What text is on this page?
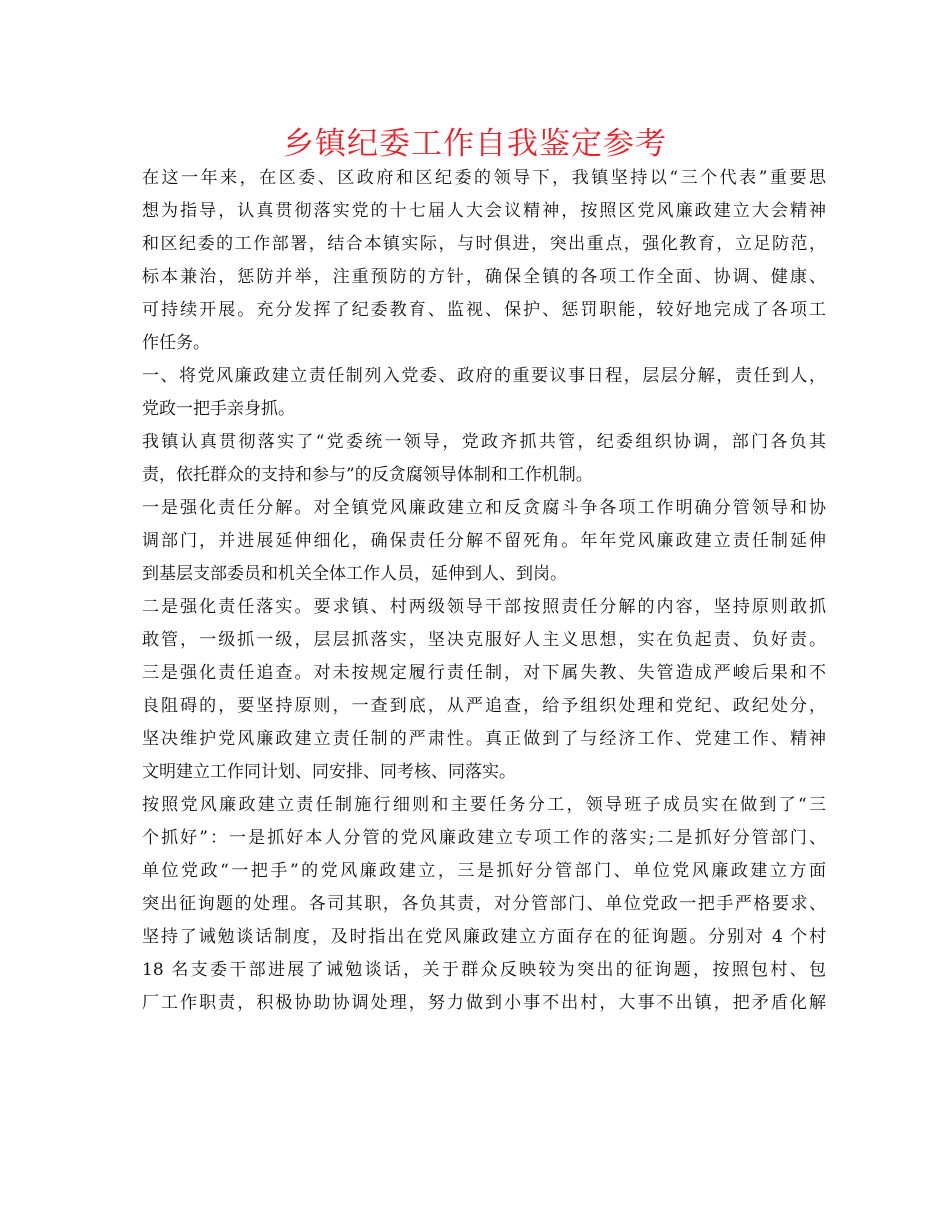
乡镇纪委工作自我鉴定参考
在这一年来，在区委、区政府和区纪委的领导下，我镇坚持以“三个代表”重要思
想为指导，认真贯彻落实党的十七届人大会议精神，按照区党风廉政建立大会精神
和区纪委的工作部署，结合本镇实际，与时俱进，突出重点，强化教育，立足防范，
标本兼治，惩防并举，注重预防的方针，确保全镇的各项工作全面、协调、健康、
可持续开展。充分发挥了纪委教育、监视、保护、惩罚职能，较好地完成了各项工
作任务。
一、将党风廉政建立责任制列入党委、政府的重要议事日程，层层分解，责任到人，
党政一把手亲身抓。
我镇认真贯彻落实了“党委统一领导，党政齐抓共管，纪委组织协调，部门各负其
责，依托群众的支持和参与”的反贪腐领导体制和工作机制。
一是强化责任分解。对全镇党风廉政建立和反贪腐斗争各项工作明确分管领导和协
调部门，并进展延伸细化，确保责任分解不留死角。年年党风廉政建立责任制延伸
到基层支部委员和机关全体工作人员，延伸到人、到岗。
二是强化责任落实。要求镇、村两级领导干部按照责任分解的内容，坚持原则敢抓
敢管，一级抓一级，层层抓落实，坚决克服好人主义思想，实在负起责、负好责。
三是强化责任追查。对未按规定履行责任制，对下属失教、失管造成严峻后果和不
良阻碍的，要坚持原则，一查到底，从严追查，给予组织处理和党纪、政纪处分，
坚决维护党风廉政建立责任制的严肃性。真正做到了与经济工作、党建工作、精神
文明建立工作同计划、同安排、同考核、同落实。
按照党风廉政建立责任制施行细则和主要任务分工，领导班子成员实在做到了“三
个抓好”：一是抓好本人分管的党风廉政建立专项工作的落实;二是抓好分管部门、
单位党政“一把手”的党风廉政建立，三是抓好分管部门、单位党风廉政建立方面
突出征询题的处理。各司其职，各负其责，对分管部门、单位党政一把手严格要求、
坚持了诫勉谈话制度，及时指出在党风廉政建立方面存在的征询题。分别对 4 个村
18 名支委干部进展了诫勉谈话，关于群众反映较为突出的征询题，按照包村、包
厂工作职责，积极协助协调处理，努力做到小事不出村，大事不出镇，把矛盾化解
